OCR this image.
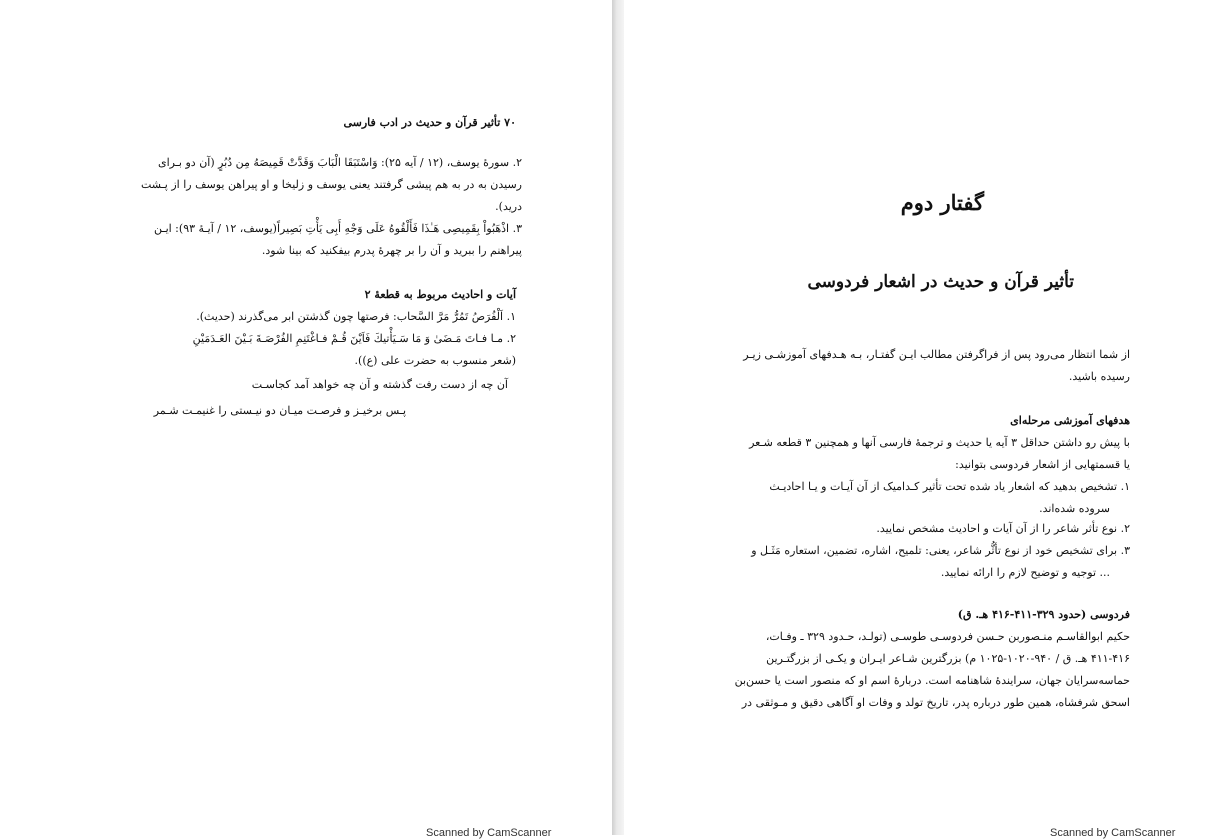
۷۰ تأثیر قرآن و حدیث در ادب فارسی
۲. سورهٔ یوسف، (۱۲ / آیه ۲۵): وَاسْتَبَقَا الْبَابَ وَقَدَّتْ قَمِیصَهُ مِن دُبُرٍ (آن دو بـرای
رسیدن به در به هم پیشی گرفتند یعنی یوسف و زلیخا و او پیراهن یوسف را از پـشت
درید).
۳. اذْهَبُواْ بِقَمِیصِی هَـٰذَا فَأَلْقُوهُ عَلَى وَجْهِ أَبِی یَأْتِ بَصِیراً(یوسف، ۱۲ / آیـهٔ ۹۳): ایـن
پیراهنم را ببرید و آن را بر چهرهٔ پدرم بیفکنید که بینا شود.
آیات و احادیث مربوط به قطعهٔ ۲
۱. اَلْفُرَصُ تَمُرُّ مَرَّ السَّحاب: فرصتها چون گذشتن ابر می‌گذرند (حدیث).
۲. مـا فـاتَ مَـضَىٰ وَ مَا سَـیَأْتیكَ فَاَیْنَ قُـمْ فـاغْتَنِمِ الفُرْصَـةَ بَـیْنَ العَـدَمَیْنِ
(شعر منسوب به حضرت علی (ع)).
آن چه از دست رفت گذشته و آن چه خواهد آمد کجاسـت
پـس برخیـز و فرصـت میـان دو نیـستی را غنیمـت شـمر
Scanned by CamScanner
گفتار دوم
تأثیر قرآن و حدیث در اشعار فردوسی
از شما انتظار می‌رود پس از فراگرفتن مطالب ایـن گفتـار، بـه هـدفهای آموزشـی زیـر
رسیده باشید.
هدفهای آموزشی مرحله‌ای
با پیش رو داشتن حداقل ۳ آیه یا حدیث و ترجمهٔ فارسی آنها و همچنین ۳ قطعه شـعر
یا قسمتهایی از اشعار فردوسی بتوانید:
۱. تشخیص بدهید که اشعار یاد شده تحت تأثیر کـدامیک از آن آیـات و یـا احادیـث
سروده شده‌اند.
۲. نوع تأثر شاعر را از آن آیات و احادیث مشخص نمایید.
۳. برای تشخیص خود از نوع تأثُّر شاعر، یعنی: تلمیح، اشاره، تضمین، استعاره مَثَـل و
... توجیه و توضیح لازم را ارائه نمایید.
فردوسی (حدود ۳۲۹-۴۱۱-۴۱۶ هـ. ق)
حکیم ابوالقاسـم منـصوربن حـسن فردوسـی طوسـی (تولـد، حـدود ۳۲۹ ـ وفـات،
۴۱۱-۴۱۶ هـ. ق / ۹۴۰-۱۰۲۰-۱۰۲۵ م) بزرگترین شـاعر ایـران و یکـی از بزرگتـرین
حماسه‌سرایان جهان، سرایندهٔ شاهنامه است. دربارهٔ اسم او که منصور است یا حسن‌بن
اسحق شرفشاه، همین طور درباره پدر، تاریخ تولد و وفات او آگاهی دقیق و مـوثقی در
Scanned by CamScanner
